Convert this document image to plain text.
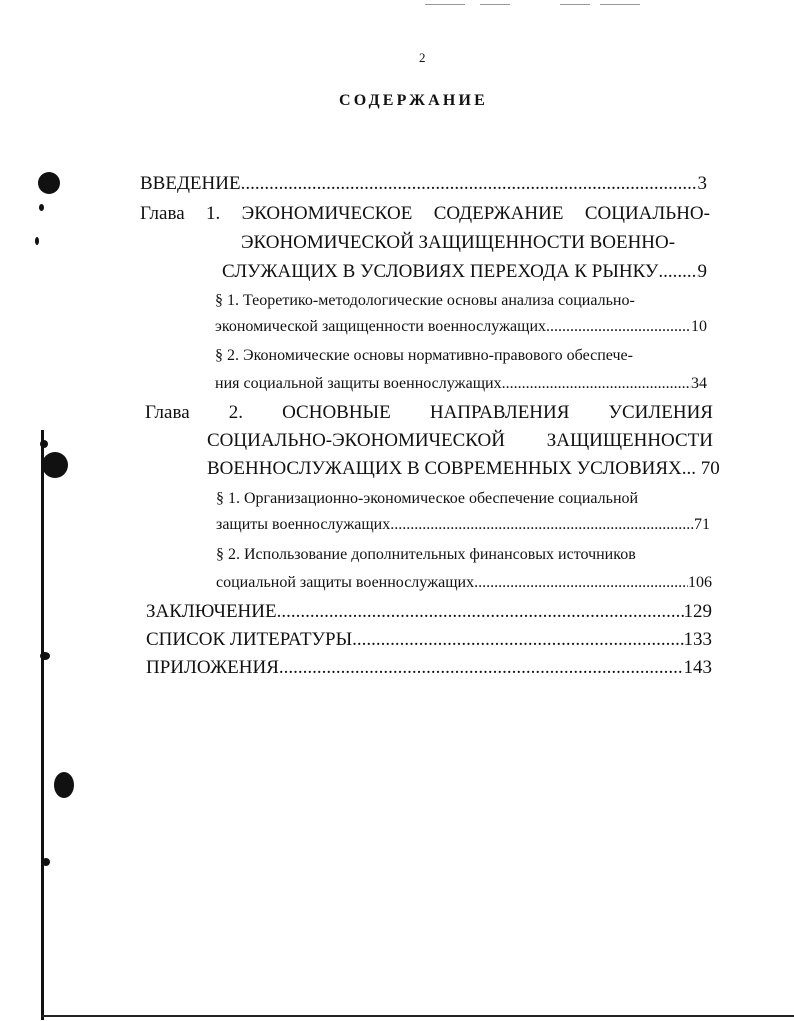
2
СОДЕРЖАНИЕ
ВВЕДЕНИЕ .....	3
Глава 1. ЭКОНОМИЧЕСКОЕ СОДЕРЖАНИЕ СОЦИАЛЬНО-
ЭКОНОМИЧЕСКОЙ ЗАЩИЩЕННОСТИ ВОЕННО-
СЛУЖАЩИХ В УСЛОВИЯХ ПЕРЕХОДА К РЫНКУ ..... 9
§ 1. Теоретико-методологические основы анализа социально-
экономической защищенности военнослужащих .....	10
§ 2. Экономические основы нормативно-правового обеспече-
ния социальной защиты военнослужащих .....	34
Глава 2. ОСНОВНЫЕ НАПРАВЛЕНИЯ УСИЛЕНИЯ
СОЦИАЛЬНО-ЭКОНОМИЧЕСКОЙ ЗАЩИЩЕННОСТИ
ВОЕННОСЛУЖАЩИХ В СОВРЕМЕННЫХ УСЛОВИЯХ... 70
§ 1. Организационно-экономическое обеспечение социальной
защиты военнослужащих .....	71
§ 2. Использование дополнительных финансовых источников
социальной защиты военнослужащих .....	106
ЗАКЛЮЧЕНИЕ .....	129
СПИСОК ЛИТЕРАТУРЫ .....	133
ПРИЛОЖЕНИЯ .....	143
